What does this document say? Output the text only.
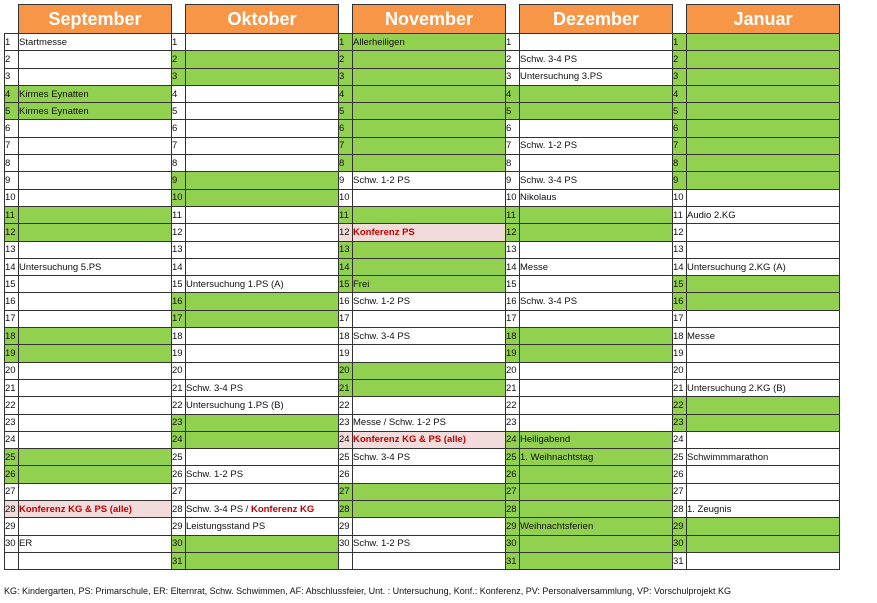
	September		Oktober		November		Dezember		Januar
1	Startmesse	1		1	Allerheiligen	1		1	
2		2		2		2	Schw. 3-4 PS	2	
3		3		3		3	Untersuchung 3.PS	3	
4	Kirmes Eynatten	4		4		4		4	
5	Kirmes Eynatten	5		5		5		5	
6		6		6		6		6	
7		7		7		7	Schw. 1-2 PS	7	
8		8		8		8		8	
9		9		9	Schw. 1-2 PS	9	Schw. 3-4 PS	9	
10		10		10		10	Nikolaus	10	
11		11		11		11		11	Audio 2.KG
12		12		12	Konferenz PS	12		12	
13		13		13		13		13	
14	Untersuchung 5.PS	14		14		14	Messe	14	Untersuchung 2.KG (A)
15		15	Untersuchung 1.PS (A)	15	Frei	15		15	
16		16		16	Schw. 1-2 PS	16	Schw. 3-4 PS	16	
17		17		17		17		17	
18		18		18	Schw. 3-4 PS	18		18	Messe
19		19		19		19		19	
20		20		20		20		20	
21		21	Schw. 3-4 PS	21		21		21	Untersuchung 2.KG (B)
22		22	Untersuchung 1.PS (B)	22		22		22	
23		23		23	Messe / Schw. 1-2 PS	23		23	
24		24		24	Konferenz KG & PS (alle)	24	Heiligabend	24	
25		25		25	Schw. 3-4 PS	25	1. Weihnachtstag	25	Schwimmmarathon
26		26	Schw. 1-2 PS	26		26		26	
27		27		27		27		27	
28	Konferenz KG & PS (alle)	28	Schw. 3-4 PS / Konferenz KG	28		28		28	1. Zeugnis
29		29	Leistungsstand PS	29		29	Weihnachtsferien	29	
30	ER	30		30	Schw. 1-2 PS	30		30	
		31				31		31	
KG: Kindergarten, PS: Primarschule, ER: Elternrat, Schw. Schwimmen, AF: Abschlussfeier, Unt. : Untersuchung, Konf.: Konferenz, PV: Personalversammlung, VP: Vorschulprojekt KG
